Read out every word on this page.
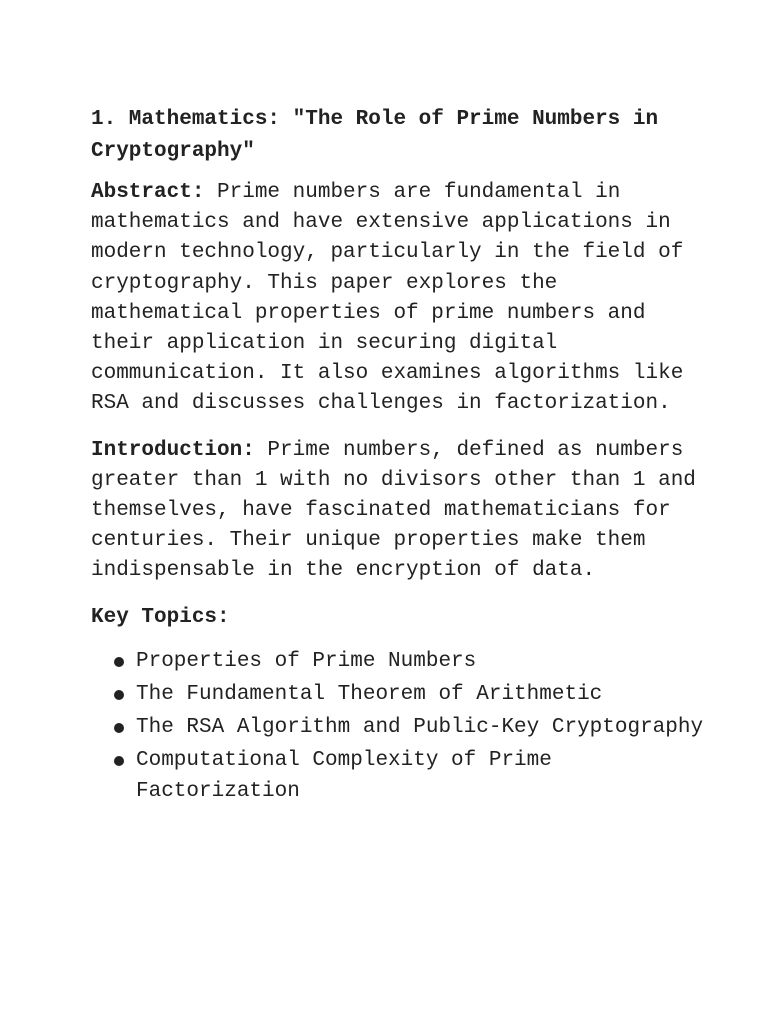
1. Mathematics: "The Role of Prime Numbers in Cryptography"

Abstract: Prime numbers are fundamental in mathematics and have extensive applications in modern technology, particularly in the field of cryptography. This paper explores the mathematical properties of prime numbers and their application in securing digital communication. It also examines algorithms like RSA and discusses challenges in factorization.

Introduction: Prime numbers, defined as numbers greater than 1 with no divisors other than 1 and themselves, have fascinated mathematicians for centuries. Their unique properties make them indispensable in the encryption of data.

Key Topics:
Properties of Prime Numbers
The Fundamental Theorem of Arithmetic
The RSA Algorithm and Public-Key Cryptography
Computational Complexity of Prime Factorization
